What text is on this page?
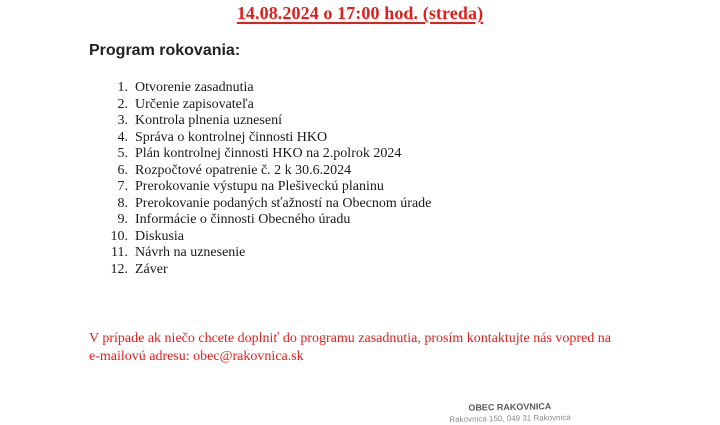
14.08.2024 o 17:00 hod. (streda)
Program rokovania:
1. Otvorenie zasadnutia
2. Určenie zapisovateľa
3. Kontrola plnenia uznesení
4. Správa o kontrolnej činnosti HKO
5. Plán kontrolnej činnosti HKO na 2.polrok 2024
6. Rozpočtové opatrenie č. 2 k 30.6.2024
7. Prerokovanie výstupu na Plešiveckú planinu
8. Prerokovanie podaných sťažností na Obecnom úrade
9. Informácie o činnosti Obecného úradu
10. Diskusia
11. Návrh na uznesenie
12. Záver
V prípade ak niečo chcete doplniť do programu zasadnutia, prosím kontaktujte nás vopred na
e-mailovú adresu: obec@rakovnica.sk
OBEC RAKOVNICA
Rakovnica 150, 049 31 Rakovnica
